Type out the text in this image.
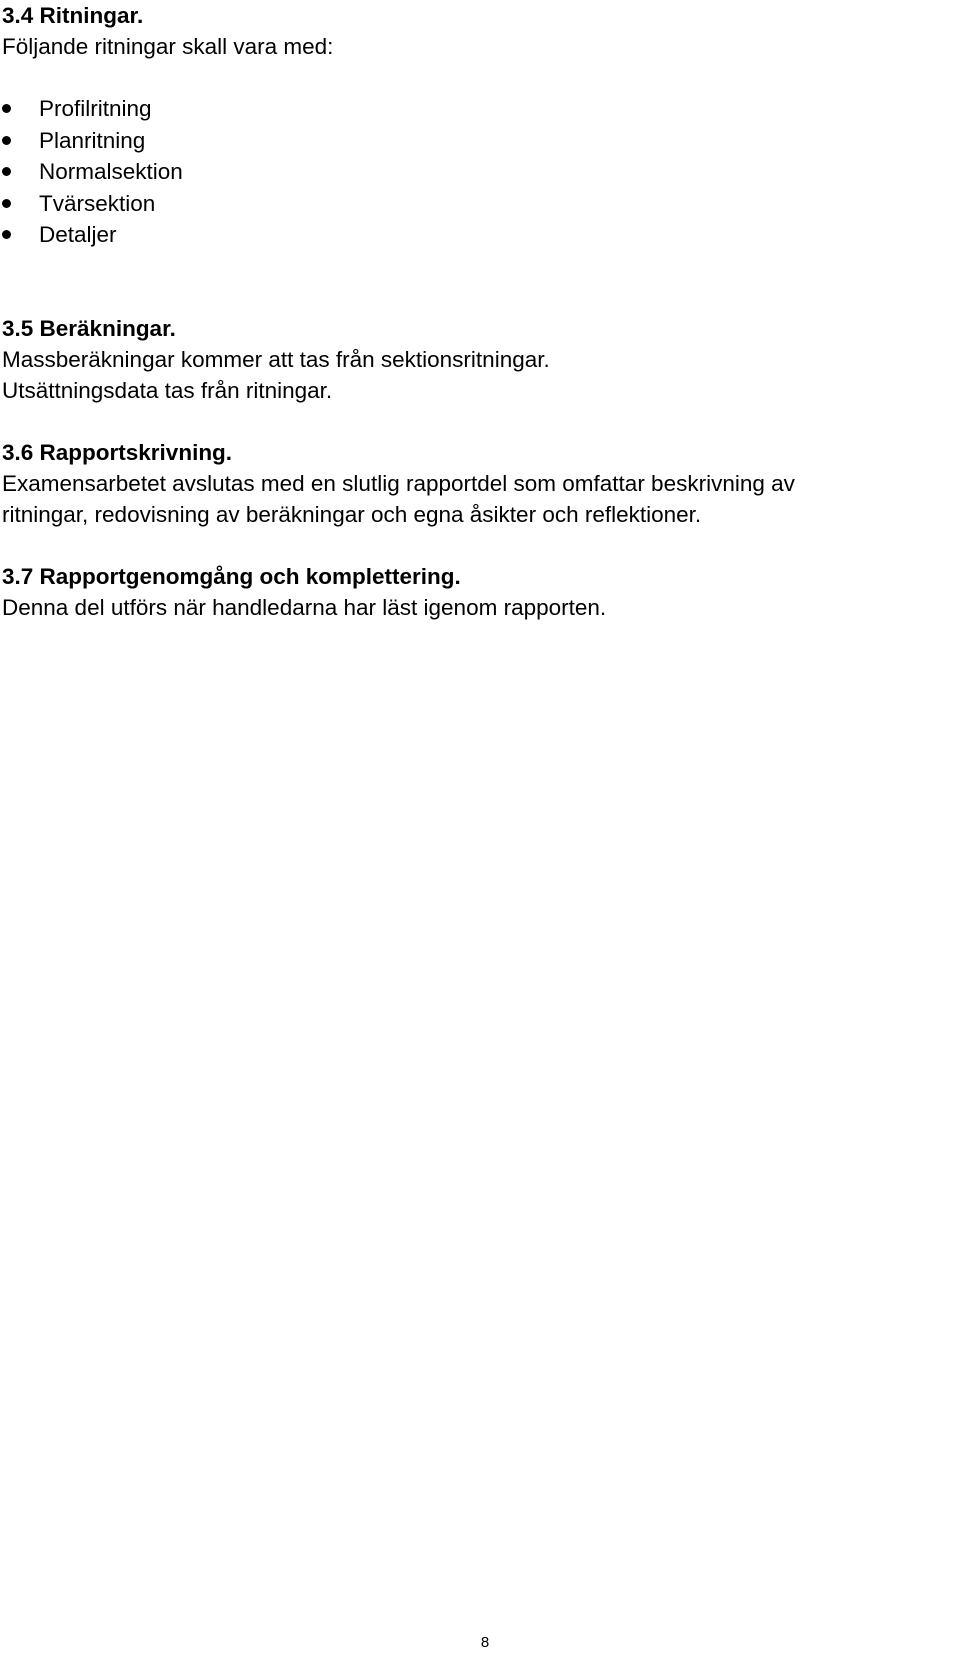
3.4 Ritningar.

Följande ritningar skall vara med:

Profilritning
Planritning
Normalsektion
Tvärsektion
Detaljer

3.5 Beräkningar.

Massberäkningar kommer att tas från sektionsritningar.

Utsättningsdata tas från ritningar.

3.6 Rapportskrivning.

Examensarbetet avslutas med en slutlig rapportdel som omfattar beskrivning av

ritningar, redovisning av beräkningar och egna åsikter och reflektioner.

3.7 Rapportgenomgång och komplettering.

Denna del utförs när handledarna har läst igenom rapporten.

8
